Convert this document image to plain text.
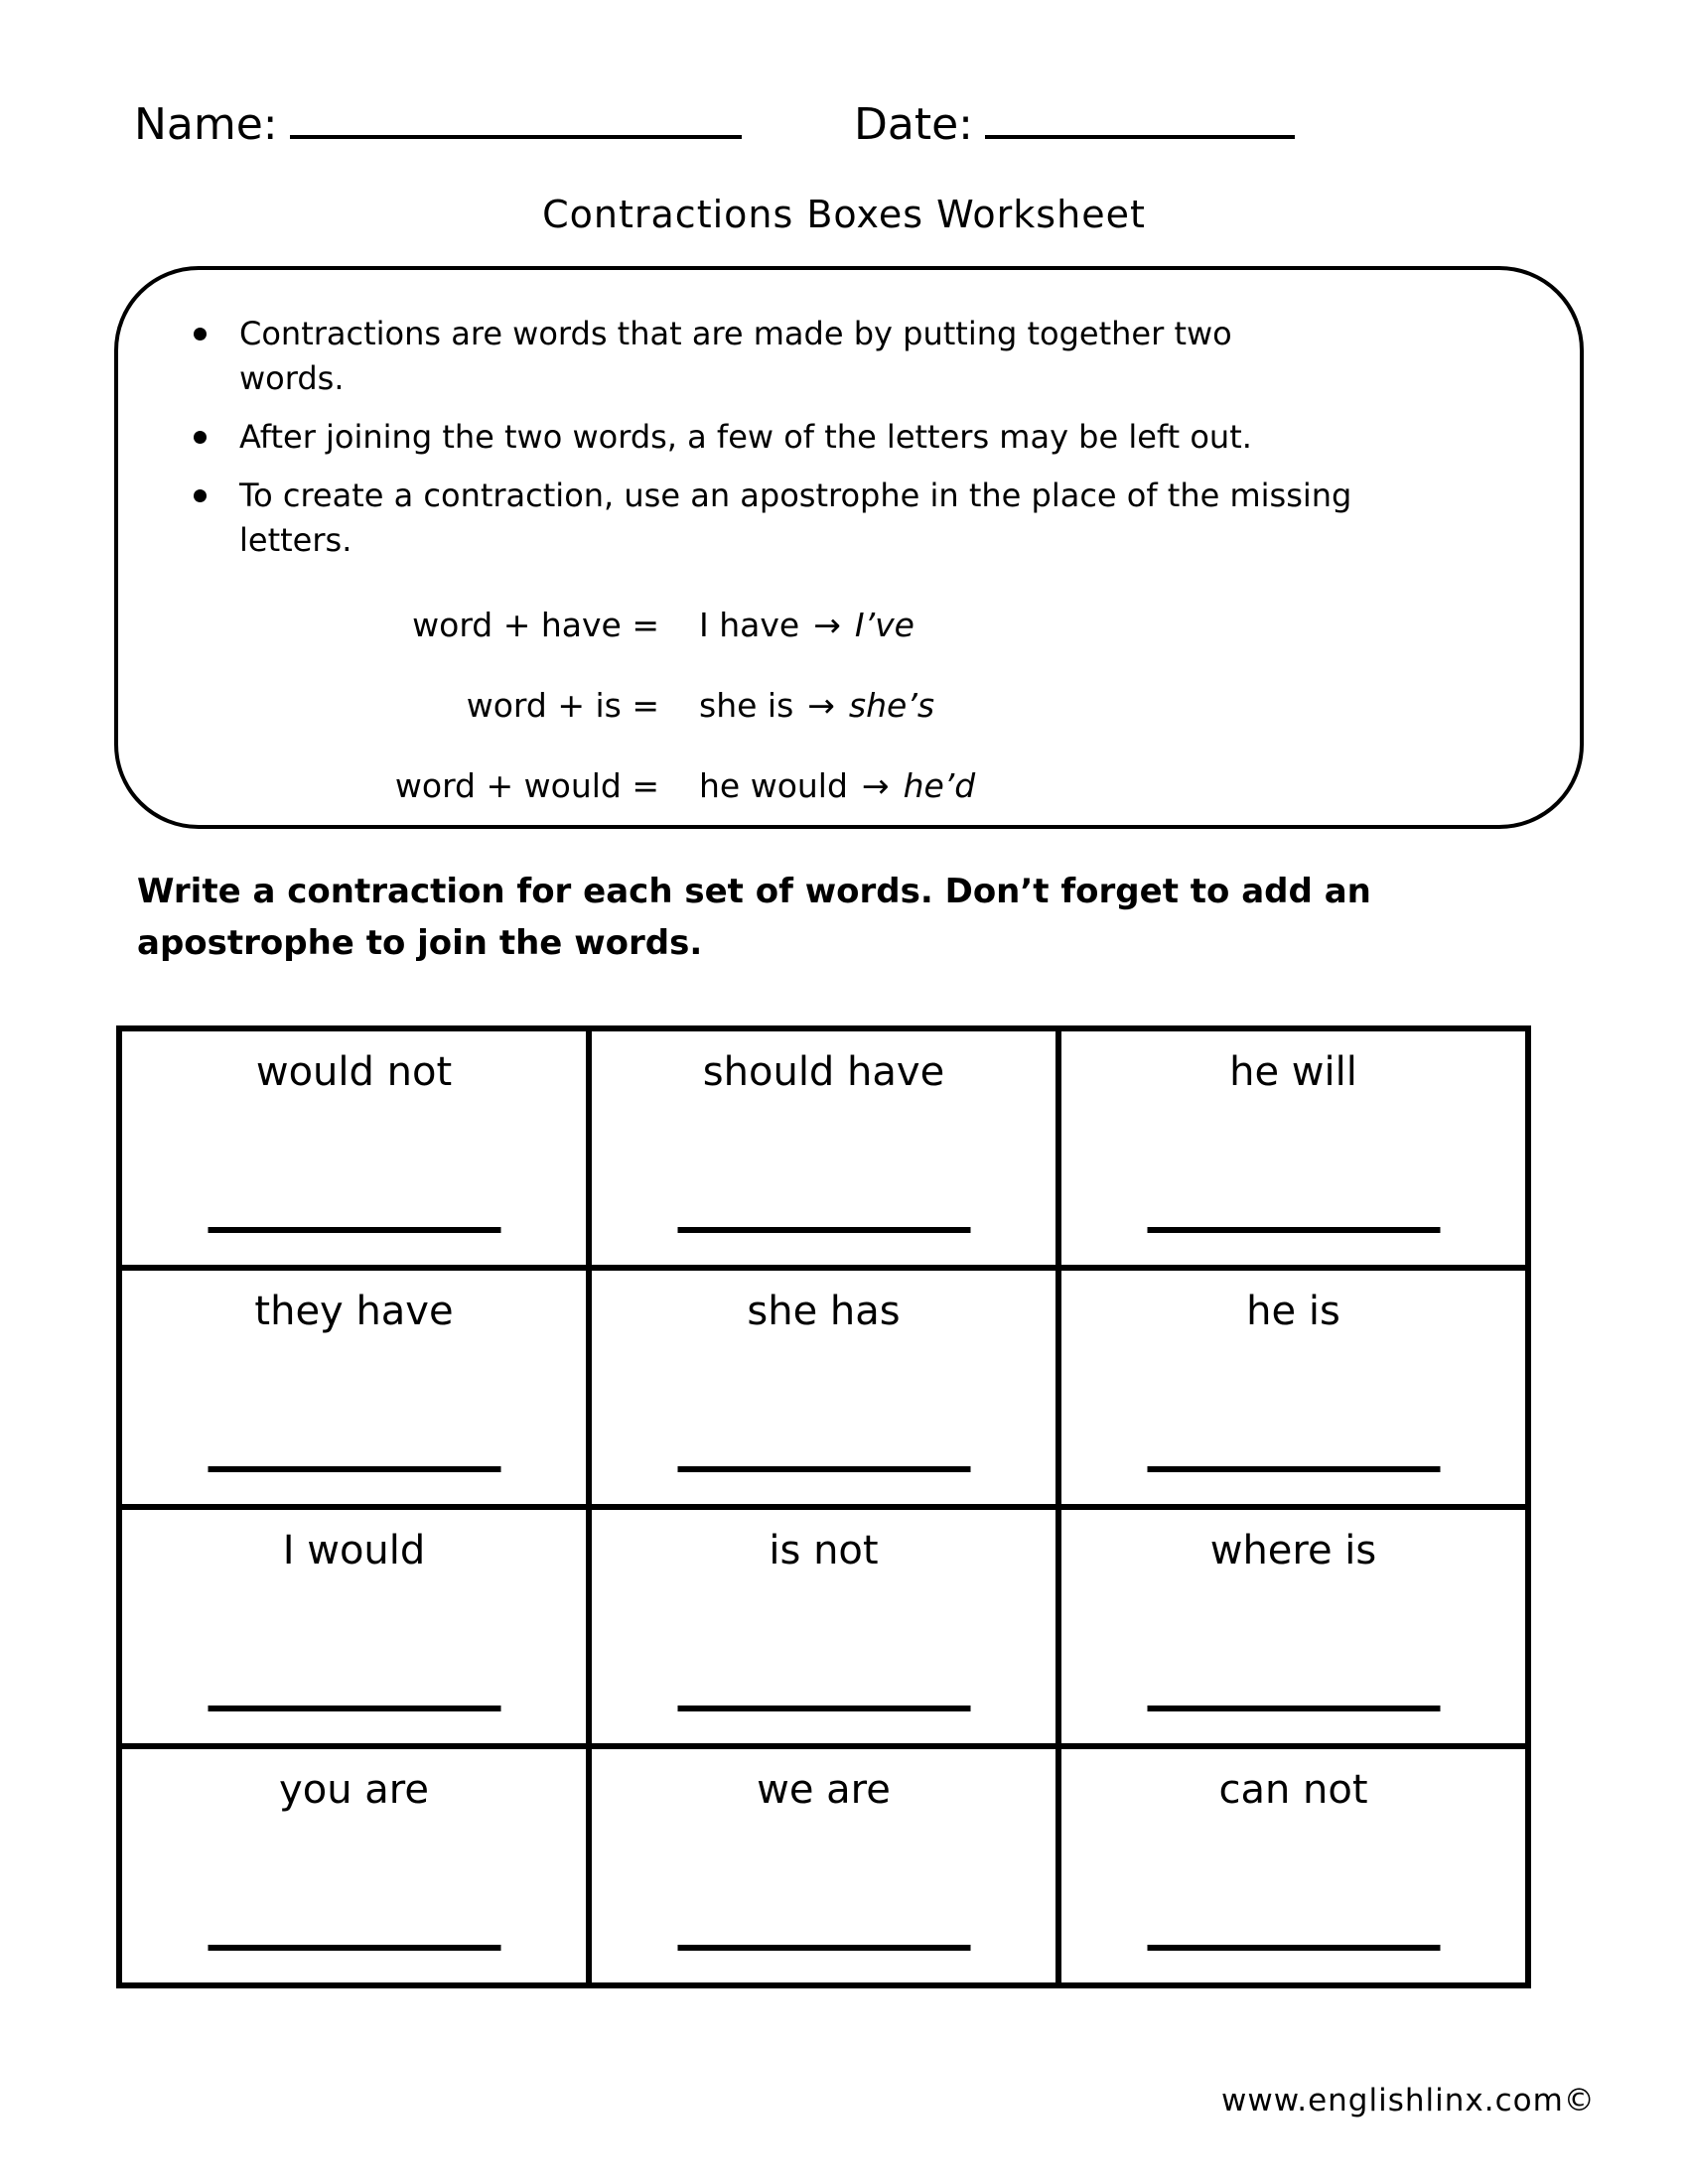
Name:	Date:
Contractions Boxes Worksheet
Contractions are words that are made by putting together two words.
After joining the two words, a few of the letters may be left out.
To create a contraction, use an apostrophe in the place of the missing letters.
word + have = I have → I’ve
word + is = she is → she’s
word + would = he would → he’d
Write a contraction for each set of words. Don’t forget to add an apostrophe to join the words.
would not	should have	he will

they have	she has	he is

I would	is not	where is

you are	we are	can not
www.englishlinx.com©
